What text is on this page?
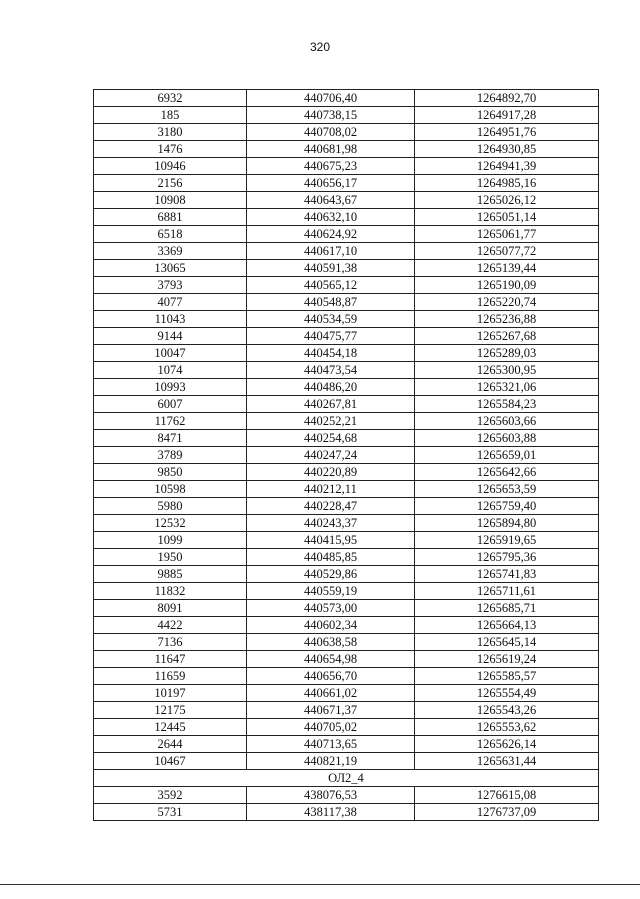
320
6932	440706,40	1264892,70
185	440738,15	1264917,28
3180	440708,02	1264951,76
1476	440681,98	1264930,85
10946	440675,23	1264941,39
2156	440656,17	1264985,16
10908	440643,67	1265026,12
6881	440632,10	1265051,14
6518	440624,92	1265061,77
3369	440617,10	1265077,72
13065	440591,38	1265139,44
3793	440565,12	1265190,09
4077	440548,87	1265220,74
11043	440534,59	1265236,88
9144	440475,77	1265267,68
10047	440454,18	1265289,03
1074	440473,54	1265300,95
10993	440486,20	1265321,06
6007	440267,81	1265584,23
11762	440252,21	1265603,66
8471	440254,68	1265603,88
3789	440247,24	1265659,01
9850	440220,89	1265642,66
10598	440212,11	1265653,59
5980	440228,47	1265759,40
12532	440243,37	1265894,80
1099	440415,95	1265919,65
1950	440485,85	1265795,36
9885	440529,86	1265741,83
11832	440559,19	1265711,61
8091	440573,00	1265685,71
4422	440602,34	1265664,13
7136	440638,58	1265645,14
11647	440654,98	1265619,24
11659	440656,70	1265585,57
10197	440661,02	1265554,49
12175	440671,37	1265543,26
12445	440705,02	1265553,62
2644	440713,65	1265626,14
10467	440821,19	1265631,44
ОЛ2_4		
3592	438076,53	1276615,08
5731	438117,38	1276737,09
